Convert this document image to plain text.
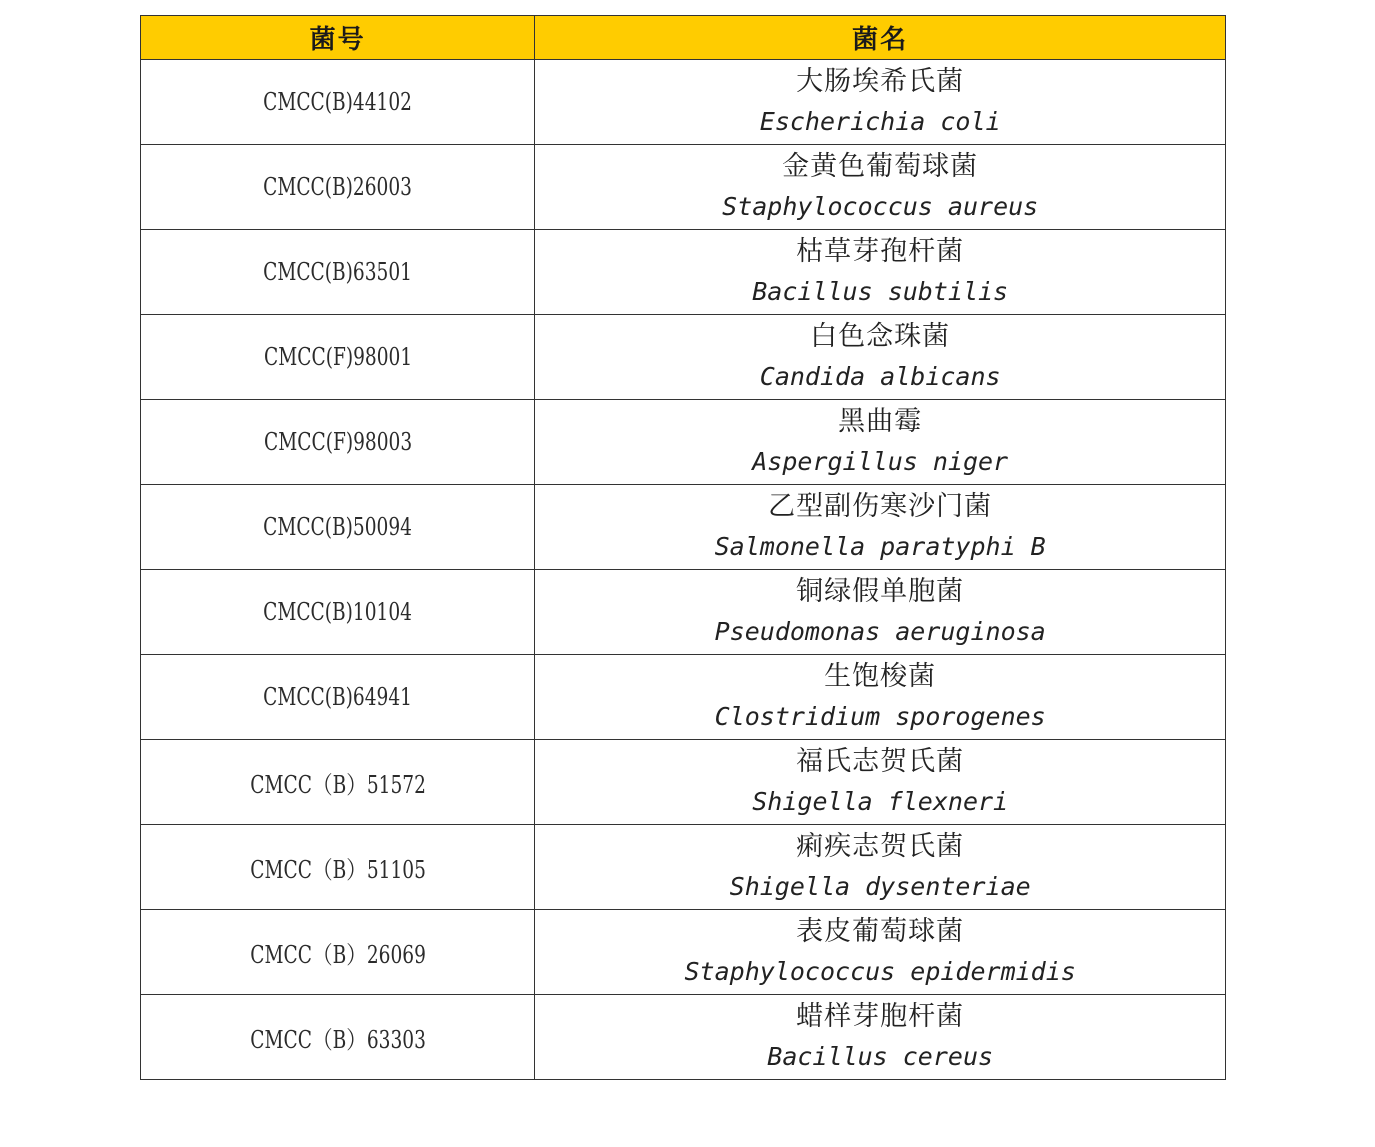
菌号	菌名
CMCC(B)44102	大肠埃希氏菌
Escherichia coli

CMCC(B)26003	金黄色葡萄球菌
Staphylococcus aureus

CMCC(B)63501	枯草芽孢杆菌
Bacillus subtilis

CMCC(F)98001	白色念珠菌
Candida albicans

CMCC(F)98003	黑曲霉
Aspergillus niger

CMCC(B)50094	乙型副伤寒沙门菌
Salmonella paratyphi B

CMCC(B)10104	铜绿假单胞菌
Pseudomonas aeruginosa

CMCC(B)64941	生饱梭菌
Clostridium sporogenes

CMCC（B）51572	福氏志贺氏菌
Shigella flexneri

CMCC（B）51105	痢疾志贺氏菌
Shigella dysenteriae

CMCC（B）26069	表皮葡萄球菌
Staphylococcus epidermidis

CMCC（B）63303	蜡样芽胞杆菌
Bacillus cereus
